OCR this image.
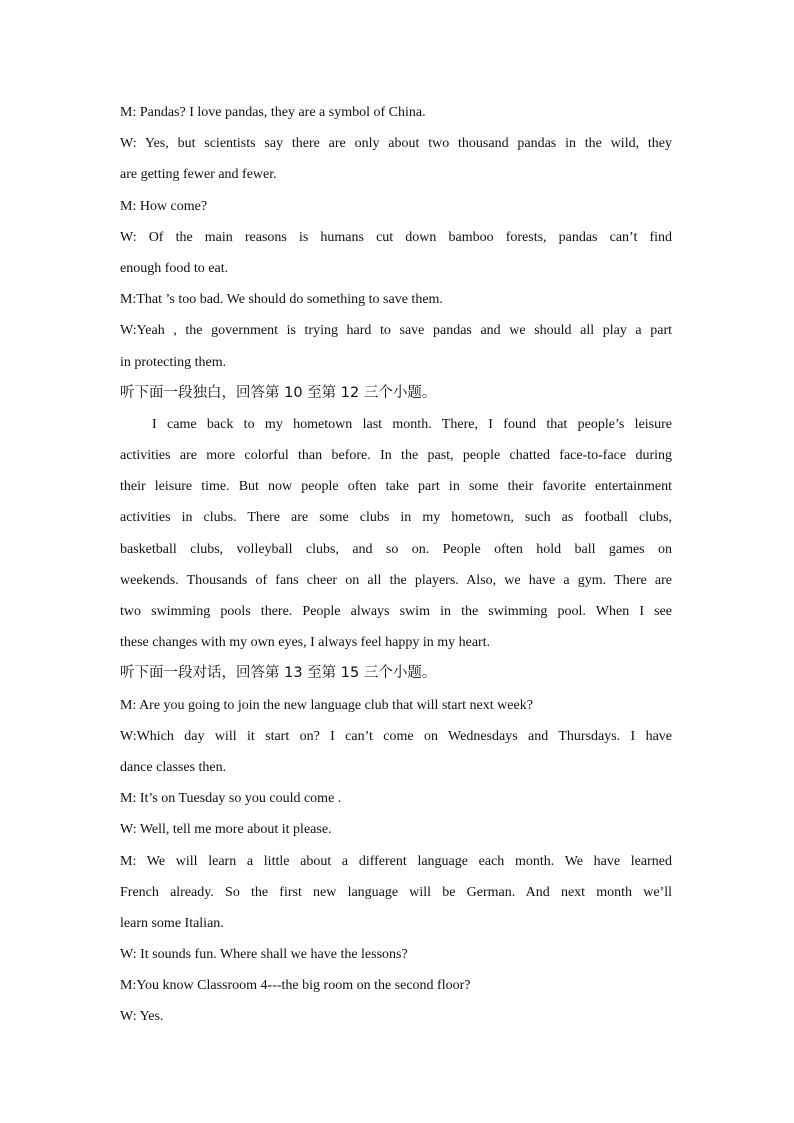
M: Pandas? I love pandas, they are a symbol of China.
W: Yes, but scientists say there are only about two thousand pandas in the wild, they
are getting fewer and fewer.
M: How come?
W: Of the main reasons is humans cut down bamboo forests, pandas can’t find
enough food to eat.
M:That ’s too bad. We should do something to save them.
W:Yeah , the government is trying hard to save pandas and we should all play a part
in protecting them.
听下面一段独白，回答第 10 至第 12 三个小题。
I came back to my hometown last month. There, I found that people’s leisure
activities are more colorful than before. In the past, people chatted face-to-face during
their leisure time. But now people often take part in some their favorite entertainment
activities in clubs. There are some clubs in my hometown, such as football clubs,
basketball clubs, volleyball clubs, and so on. People often hold ball games on
weekends. Thousands of fans cheer on all the players. Also, we have a gym. There are
two swimming pools there. People always swim in the swimming pool. When I see
these changes with my own eyes, I always feel happy in my heart.
听下面一段对话，回答第 13 至第 15 三个小题。
M: Are you going to join the new language club that will start next week?
W:Which day will it start on? I can’t come on Wednesdays and Thursdays. I have
dance classes then.
M: It’s on Tuesday so you could come .
W: Well, tell me more about it please.
M: We will learn a little about a different language each month. We have learned
French already. So the first new language will be German. And next month we’ll
learn some Italian.
W: It sounds fun. Where shall we have the lessons?
M:You know Classroom 4---the big room on the second floor?
W: Yes.
